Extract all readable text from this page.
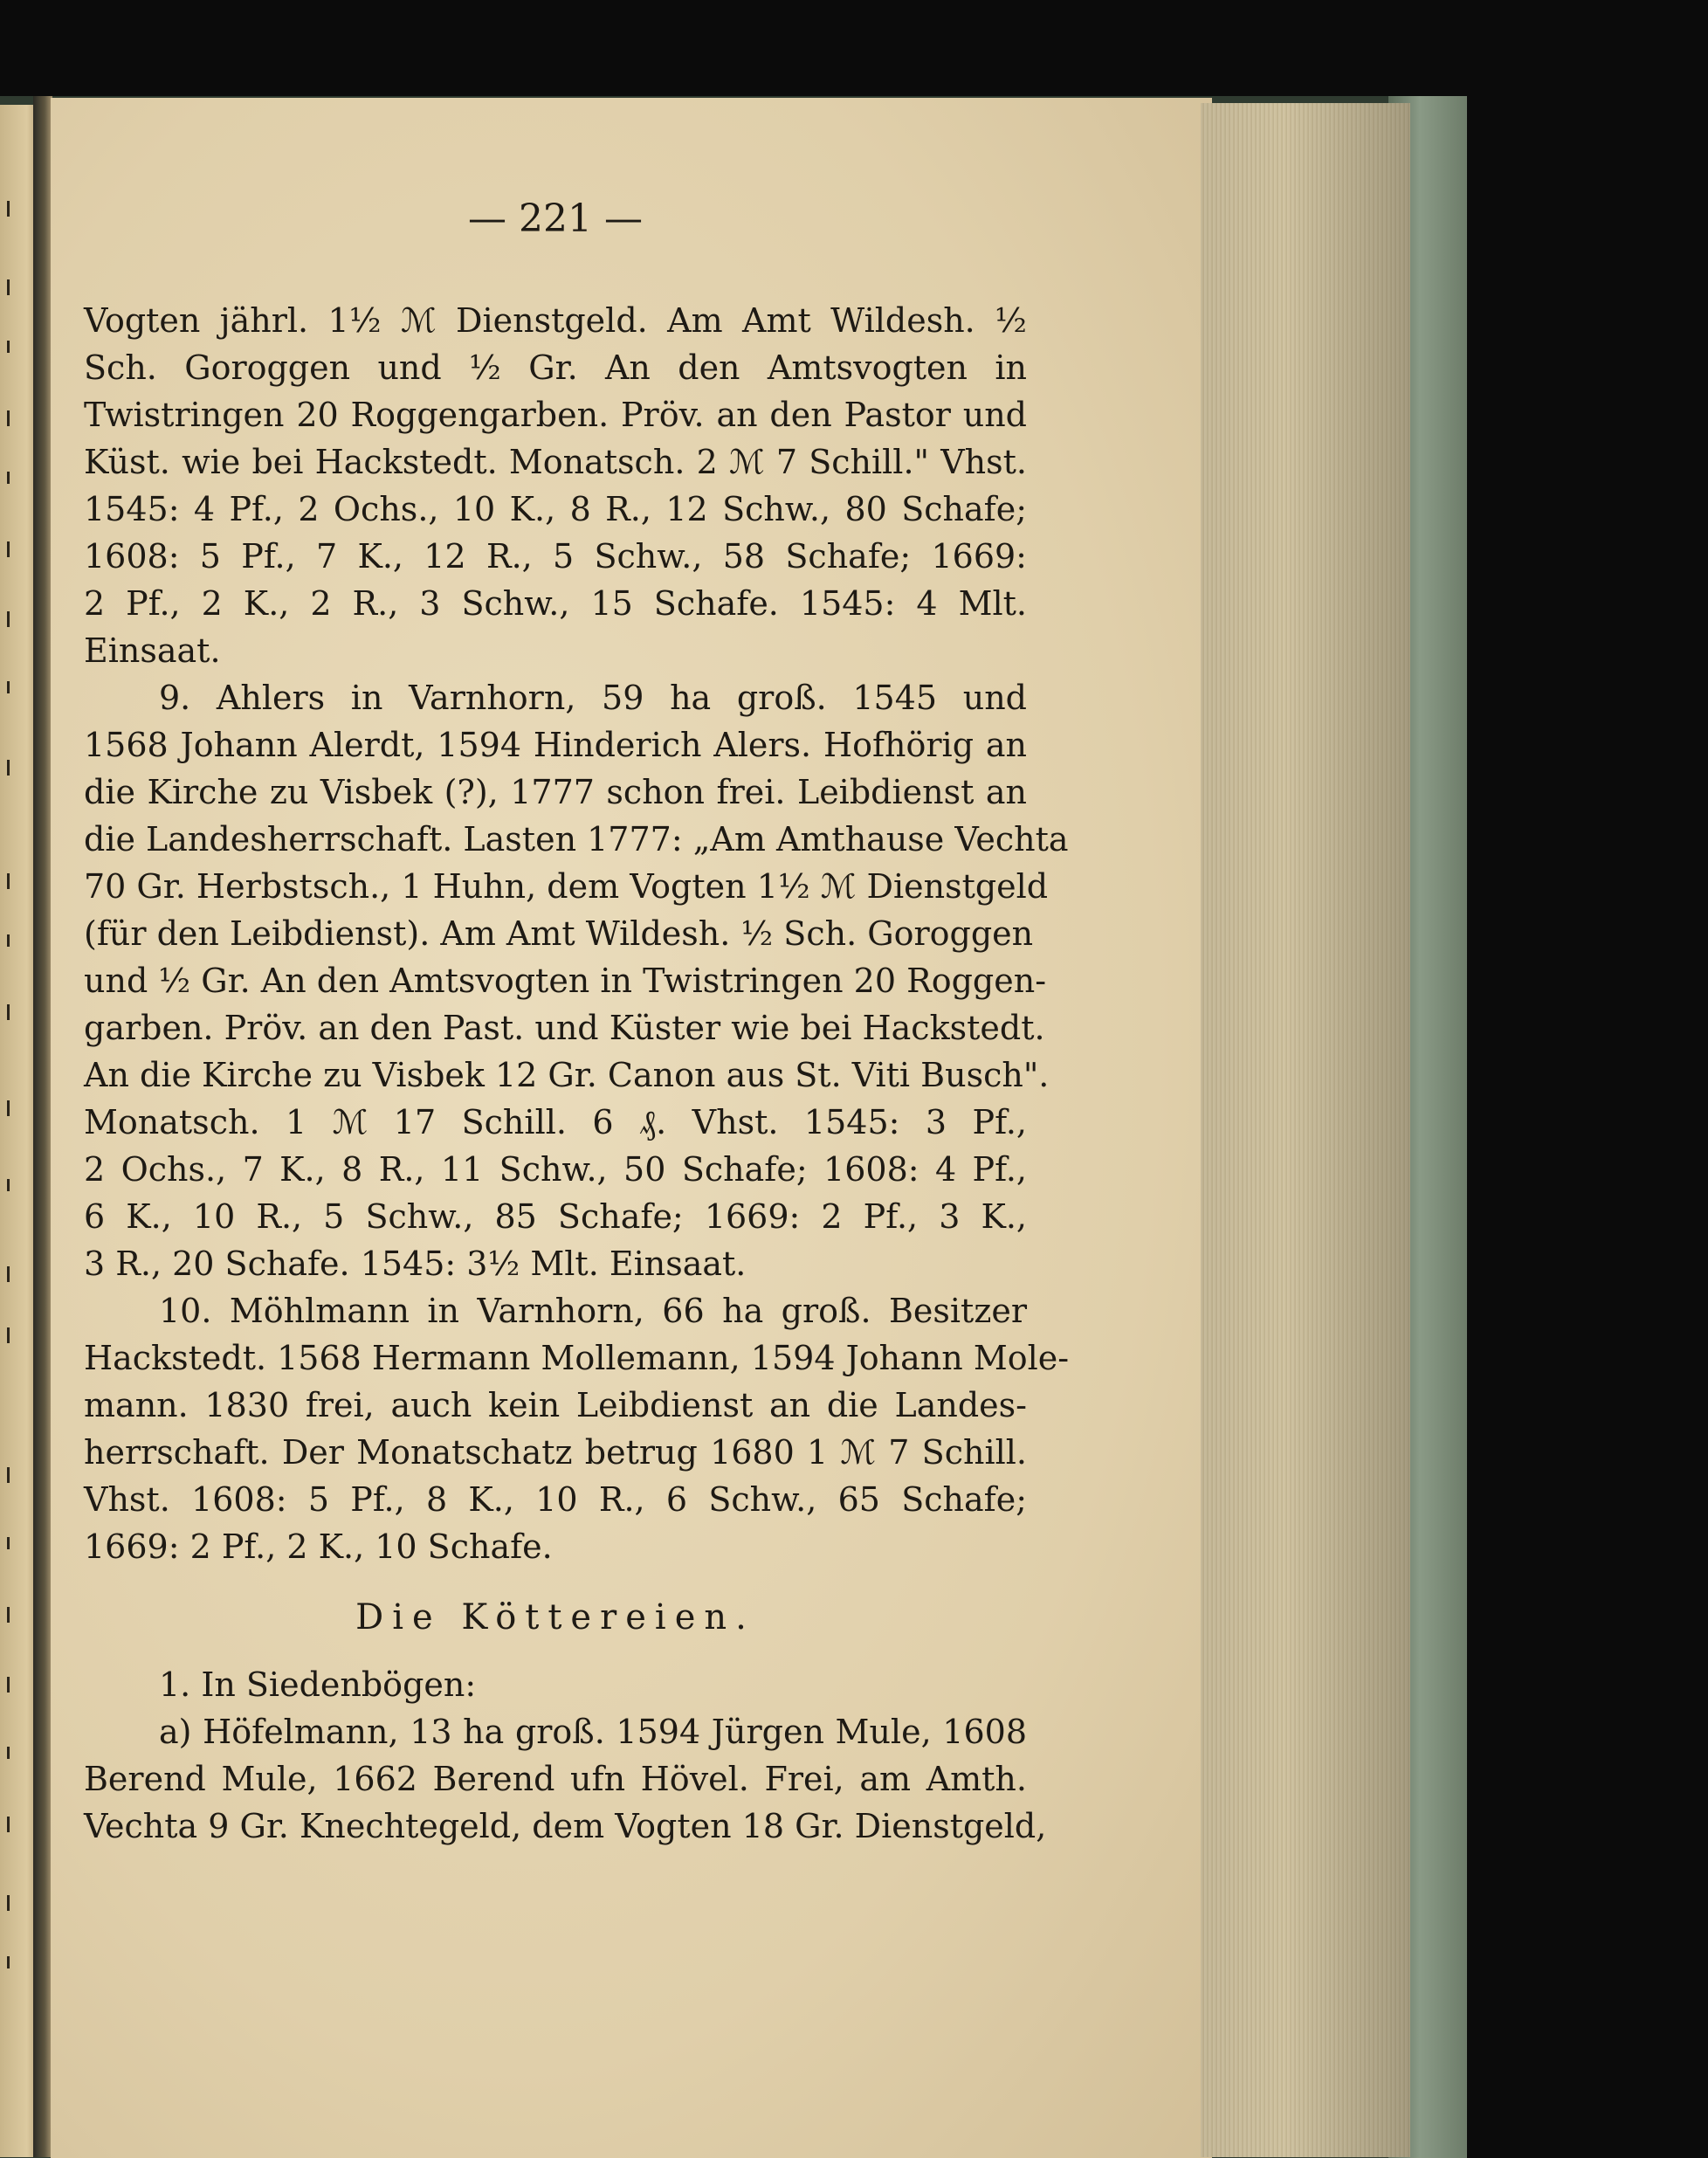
— 221 —
Vogten jährl. 1½ ℳ Dienstgeld. Am Amt Wildesh. ½
Sch. Goroggen und ½ Gr. An den Amtsvogten in
Twistringen 20 Roggengarben. Pröv. an den Pastor und
Küst. wie bei Hackstedt. Monatsch. 2 ℳ 7 Schill." Vhst.
1545: 4 Pf., 2 Ochs., 10 K., 8 R., 12 Schw., 80 Schafe;
1608: 5 Pf., 7 K., 12 R., 5 Schw., 58 Schafe; 1669:
2 Pf., 2 K., 2 R., 3 Schw., 15 Schafe. 1545: 4 Mlt.
Einsaat.
9. Ahlers in Varnhorn, 59 ha groß. 1545 und
1568 Johann Alerdt, 1594 Hinderich Alers. Hofhörig an
die Kirche zu Visbek (?), 1777 schon frei. Leibdienst an
die Landesherrschaft. Lasten 1777: „Am Amthause Vechta
70 Gr. Herbstsch., 1 Huhn, dem Vogten 1½ ℳ Dienstgeld
(für den Leibdienst). Am Amt Wildesh. ½ Sch. Goroggen
und ½ Gr. An den Amtsvogten in Twistringen 20 Roggen-
garben. Pröv. an den Past. und Küster wie bei Hackstedt.
An die Kirche zu Visbek 12 Gr. Canon aus St. Viti Busch".
Monatsch. 1 ℳ 17 Schill. 6 ₰. Vhst. 1545: 3 Pf.,
2 Ochs., 7 K., 8 R., 11 Schw., 50 Schafe; 1608: 4 Pf.,
6 K., 10 R., 5 Schw., 85 Schafe; 1669: 2 Pf., 3 K.,
3 R., 20 Schafe. 1545: 3½ Mlt. Einsaat.
10. Möhlmann in Varnhorn, 66 ha groß. Besitzer
Hackstedt. 1568 Hermann Mollemann, 1594 Johann Mole-
mann. 1830 frei, auch kein Leibdienst an die Landes-
herrschaft. Der Monatschatz betrug 1680 1 ℳ 7 Schill.
Vhst. 1608: 5 Pf., 8 K., 10 R., 6 Schw., 65 Schafe;
1669: 2 Pf., 2 K., 10 Schafe.
Die Köttereien.
1. In Siedenbögen:
a) Höfelmann, 13 ha groß. 1594 Jürgen Mule, 1608
Berend Mule, 1662 Berend ufn Hövel. Frei, am Amth.
Vechta 9 Gr. Knechtegeld, dem Vogten 18 Gr. Dienstgeld,
